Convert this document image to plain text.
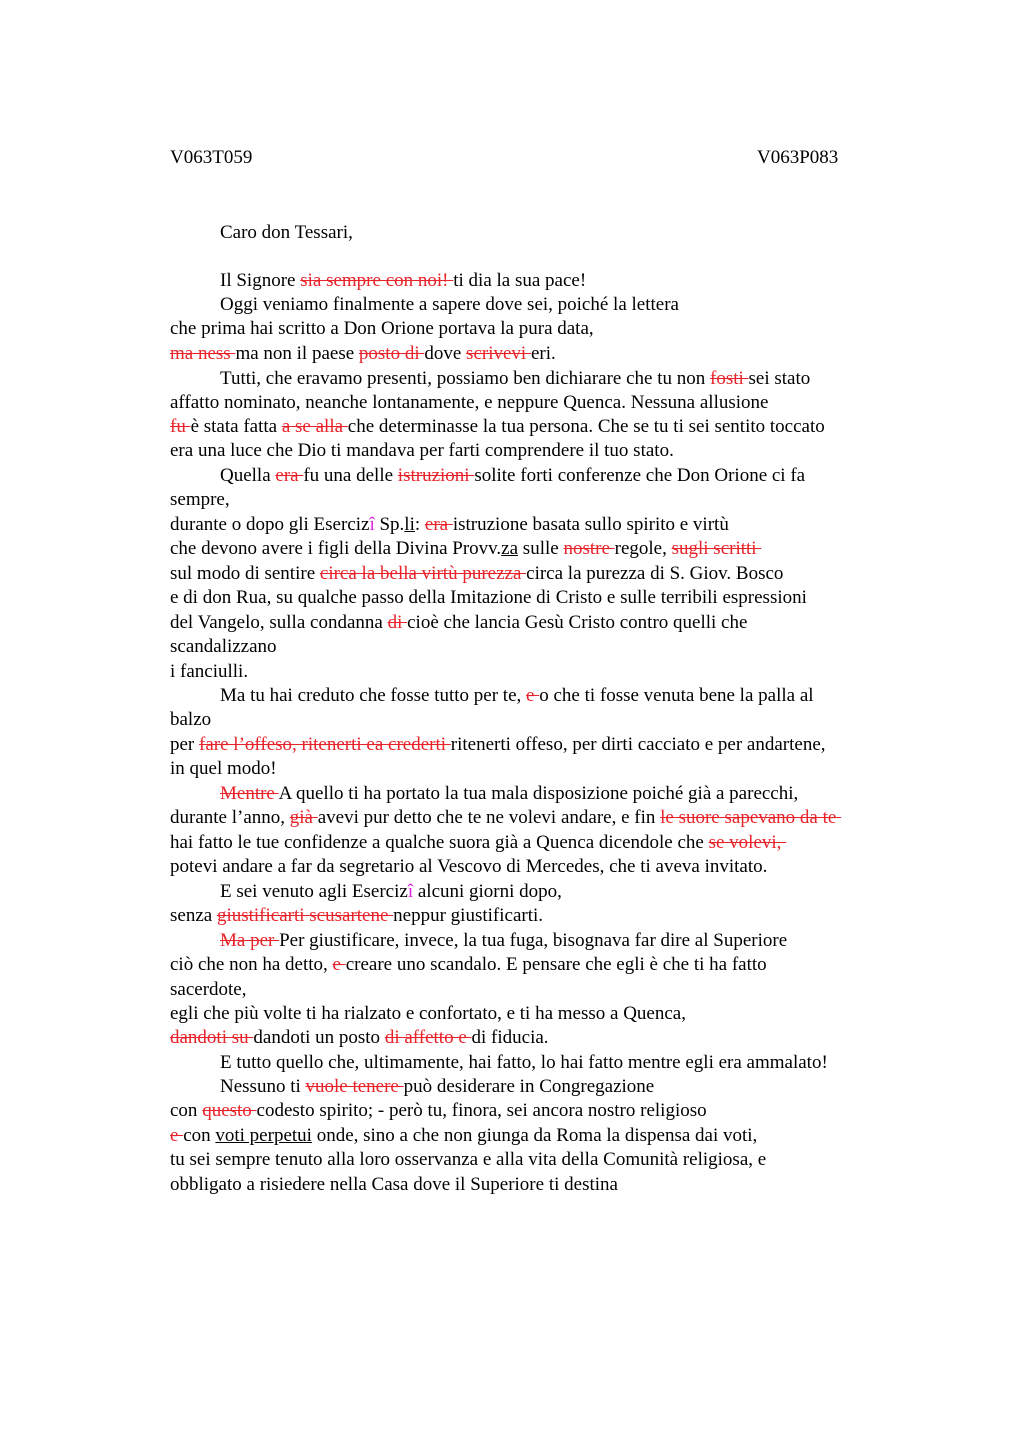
V063T059	V063P083
Caro don Tessari,
Il Signore sia sempre con noi! ti dia la sua pace!
Oggi veniamo finalmente a sapere dove sei, poiché la lettera
che prima hai scritto a Don Orione portava la pura data,
ma ness ma non il paese posto di dove scrivevi eri.
Tutti, che eravamo presenti, possiamo ben dichiarare che tu non fosti sei stato
affatto nominato, neanche lontanamente, e neppure Quenca. Nessuna allusione
fu è stata fatta a se alla che determinasse la tua persona. Che se tu ti sei sentito toccato
era una luce che Dio ti mandava per farti comprendere il tuo stato.
Quella era fu una delle istruzioni solite forti conferenze che Don Orione ci fa
sempre,
durante o dopo gli Esercizî Sp.li: era istruzione basata sullo spirito e virtù
che devono avere i figli della Divina Provv.za sulle nostre regole, sugli scritti
sul modo di sentire circa la bella virtù purezza circa la purezza di S. Giov. Bosco
e di don Rua, su qualche passo della Imitazione di Cristo e sulle terribili espressioni
del Vangelo, sulla condanna di cioè che lancia Gesù Cristo contro quelli che
scandalizzano
i fanciulli.
Ma tu hai creduto che fosse tutto per te, e o che ti fosse venuta bene la palla al
balzo
per fare l’offeso, ritenerti ea crederti ritenerti offeso, per dirti cacciato e per andartene,
in quel modo!
Mentre A quello ti ha portato la tua mala disposizione poiché già a parecchi,
durante l’anno, già avevi pur detto che te ne volevi andare, e fin le suore sapevano da te
hai fatto le tue confidenze a qualche suora già a Quenca dicendole che se volevi,
potevi andare a far da segretario al Vescovo di Mercedes, che ti aveva invitato.
E sei venuto agli Esercizî alcuni giorni dopo,
senza giustificarti scusartene neppur giustificarti.
Ma per Per giustificare, invece, la tua fuga, bisognava far dire al Superiore
ciò che non ha detto, e creare uno scandalo. E pensare che egli è che ti ha fatto
sacerdote,
egli che più volte ti ha rialzato e confortato, e ti ha messo a Quenca,
dandoti su dandoti un posto di affetto e di fiducia.
E tutto quello che, ultimamente, hai fatto, lo hai fatto mentre egli era ammalato!
Nessuno ti vuole tenere può desiderare in Congregazione
con questo codesto spirito; - però tu, finora, sei ancora nostro religioso
e con voti perpetui onde, sino a che non giunga da Roma la dispensa dai voti,
tu sei sempre tenuto alla loro osservanza e alla vita della Comunità religiosa, e
obbligato a risiedere nella Casa dove il Superiore ti destina
